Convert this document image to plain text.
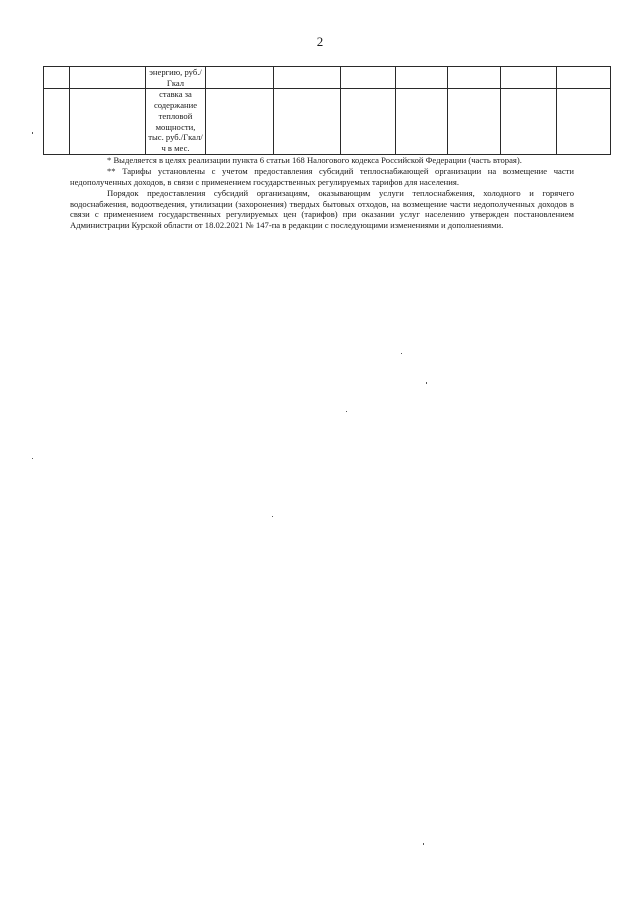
2
		энергию, руб./Гкал							
		ставка за содержание тепловой мощности, тыс. руб./Гкал/ч в мес.							

* Выделяется в целях реализации пункта 6 статьи 168 Налогового кодекса Российской Федерации (часть вторая).

** Тарифы установлены с учетом предоставления субсидий теплоснабжающей организации на возмещение части недополученных доходов, в связи с применением государственных регулируемых тарифов для населения.

Порядок предоставления субсидий организациям, оказывающим услуги теплоснабжения, холодного и горячего водоснабжения, водоотведения, утилизации (захоронения) твердых бытовых отходов, на возмещение части недополученных доходов в связи с применением государственных регулируемых цен (тарифов) при оказании услуг населению утвержден постановлением Администрации Курской области от 18.02.2021 № 147-па в редакции с последующими изменениями и дополнениями.
